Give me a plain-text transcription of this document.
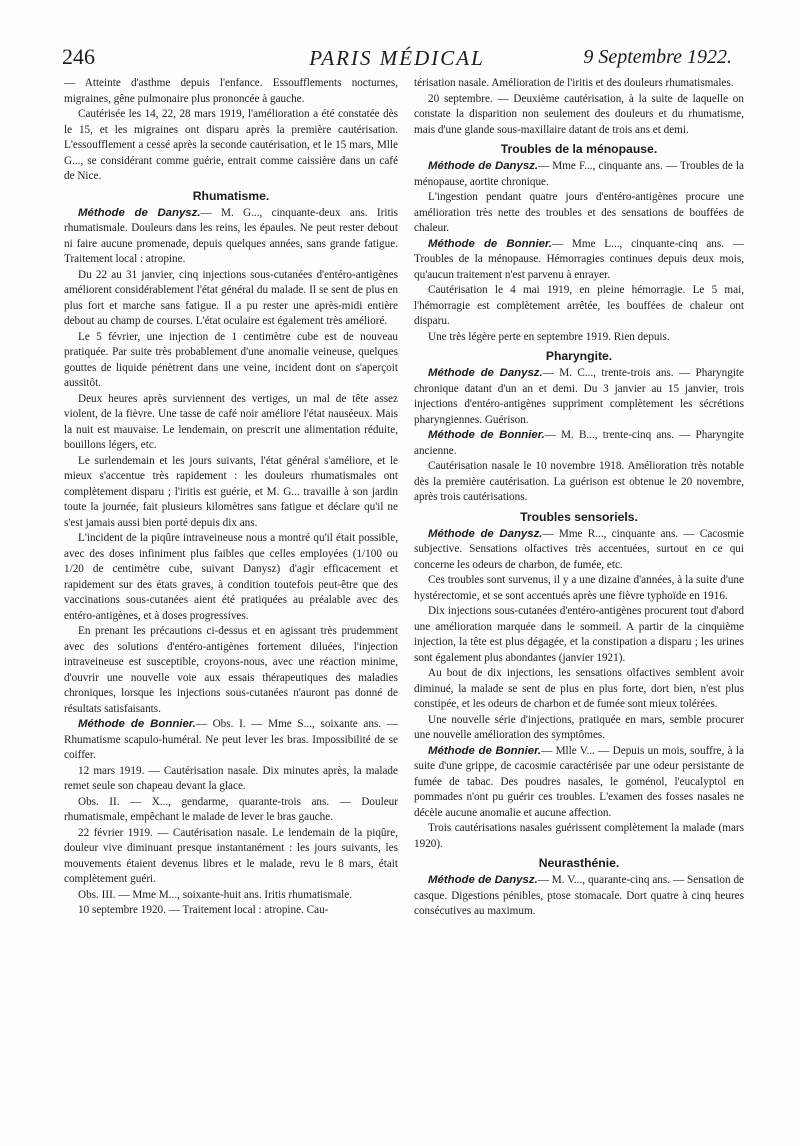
246	PARIS MÉDICAL	9 Septembre 1922.

— Atteinte d'asthme depuis l'enfance. Essoufflements nocturnes, migraines, gêne pulmonaire plus prononcée à gauche.

Cautérisée les 14, 22, 28 mars 1919, l'amélioration a été constatée dès le 15, et les migraines ont disparu après la première cautérisation. L'essoufflement a cessé après la seconde cautérisation, et le 15 mars, Mlle G..., se considérant comme guérie, entrait comme caissière dans un café de Nice.

Rhumatisme.

Méthode de Danysz.— M. G..., cinquante-deux ans. Iritis rhumatismale. Douleurs dans les reins, les épaules. Ne peut rester debout ni faire aucune promenade, depuis quelques années, sans grande fatigue. Traitement local : atropine.

Du 22 au 31 janvier, cinq injections sous-cutanées d'entéro-antigènes améliorent considérablement l'état général du malade. Il se sent de plus en plus fort et marche sans fatigue. Il a pu rester une après-midi entière debout au champ de courses. L'état oculaire est également très amélioré.

Le 5 février, une injection de 1 centimètre cube est de nouveau pratiquée. Par suite très probablement d'une anomalie veineuse, quelques gouttes de liquide pénètrent dans une veine, incident dont on s'aperçoit aussitôt.

Deux heures après surviennent des vertiges, un mal de tête assez violent, de la fièvre. Une tasse de café noir améliore l'état nauséeux. Mais la nuit est mauvaise. Le lendemain, on prescrit une alimentation réduite, bouillons légers, etc.

Le surlendemain et les jours suivants, l'état général s'améliore, et le mieux s'accentue très rapidement : les douleurs rhumatismales ont complètement disparu ; l'iritis est guérie, et M. G... travaille à son jardin toute la journée, fait plusieurs kilomètres sans fatigue et déclare qu'il ne s'est jamais aussi bien porté depuis dix ans.

L'incident de la piqûre intraveineuse nous a montré qu'il était possible, avec des doses infiniment plus faibles que celles employées (1/100 ou 1/20 de centimètre cube, suivant Danysz) d'agir efficacement et rapidement sur des états graves, à condition toutefois peut-être que des vaccinations sous-cutanées aient été pratiquées au préalable avec des entéro-antigènes, et à doses progressives.

En prenant les précautions ci-dessus et en agissant très prudemment avec des solutions d'entéro-antigènes fortement diluées, l'injection intraveineuse est susceptible, croyons-nous, avec une réaction minime, d'ouvrir une nouvelle voie aux essais thérapeutiques des maladies chroniques, lorsque les injections sous-cutanées n'auront pas donné de résultats satisfaisants.

Méthode de Bonnier.— Obs. I. — Mme S..., soixante ans. — Rhumatisme scapulo-huméral. Ne peut lever les bras. Impossibilité de se coiffer.

12 mars 1919. — Cautérisation nasale. Dix minutes après, la malade remet seule son chapeau devant la glace.

Obs. II. — X..., gendarme, quarante-trois ans. — Douleur rhumatismale, empêchant le malade de lever le bras gauche.

22 février 1919. — Cautérisation nasale. Le lendemain de la piqûre, douleur vive diminuant presque instantanément : les jours suivants, les mouvements étaient devenus libres et le malade, revu le 8 mars, était complètement guéri.

Obs. III. — Mme M..., soixante-huit ans. Iritis rhumatismale.

10 septembre 1920. — Traitement local : atropine. Cau-

térisation nasale. Amélioration de l'iritis et des douleurs rhumatismales.

20 septembre. — Deuxième cautérisation, à la suite de laquelle on constate la disparition non seulement des douleurs et du rhumatisme, mais d'une glande sous-maxillaire datant de trois ans et demi.

Troubles de la ménopause.

Méthode de Danysz.— Mme F..., cinquante ans. — Troubles de la ménopause, aortite chronique.

L'ingestion pendant quatre jours d'entéro-antigènes procure une amélioration très nette des troubles et des sensations de bouffées de chaleur.

Méthode de Bonnier.— Mme L..., cinquante-cinq ans. — Troubles de la ménopause. Hémorragies continues depuis deux mois, qu'aucun traitement n'est parvenu à enrayer.

Cautérisation le 4 mai 1919, en pleine hémorragie. Le 5 mai, l'hémorragie est complètement arrêtée, les bouffées de chaleur ont disparu.

Une très légère perte en septembre 1919. Rien depuis.

Pharyngite.

Méthode de Danysz.— M. C..., trente-trois ans. — Pharyngite chronique datant d'un an et demi. Du 3 janvier au 15 janvier, trois injections d'entéro-antigènes suppriment complètement les sécrétions pharyngiennes. Guérison.

Méthode de Bonnier.— M. B..., trente-cinq ans. — Pharyngite ancienne.

Cautérisation nasale le 10 novembre 1918. Amélioration très notable dès la première cautérisation. La guérison est obtenue le 20 novembre, après trois cautérisations.

Troubles sensoriels.

Méthode de Danysz.— Mme R..., cinquante ans. — Cacosmie subjective. Sensations olfactives très accentuées, surtout en ce qui concerne les odeurs de charbon, de fumée, etc.

Ces troubles sont survenus, il y a une dizaine d'années, à la suite d'une hystérectomie, et se sont accentués après une fièvre typhoïde en 1916.

Dix injections sous-cutanées d'entéro-antigènes procurent tout d'abord une amélioration marquée dans le sommeil. A partir de la cinquième injection, la tête est plus dégagée, et la constipation a disparu ; les urines sont également plus abondantes (janvier 1921).

Au bout de dix injections, les sensations olfactives semblent avoir diminué, la malade se sent de plus en plus forte, dort bien, n'est plus constipée, et les odeurs de charbon et de fumée sont mieux tolérées.

Une nouvelle série d'injections, pratiquée en mars, semble procurer une nouvelle amélioration des symptômes.

Méthode de Bonnier.— Mlle V... — Depuis un mois, souffre, à la suite d'une grippe, de cacosmie caractérisée par une odeur persistante de fumée de tabac. Des poudres nasales, le goménol, l'eucalyptol en pommades n'ont pu guérir ces troubles. L'examen des fosses nasales ne décèle aucune anomalie et aucune affection.

Trois cautérisations nasales guérissent complètement la malade (mars 1920).

Neurasthénie.

Méthode de Danysz.— M. V..., quarante-cinq ans. — Sensation de casque. Digestions pénibles, ptose stomacale. Dort quatre à cinq heures consécutives au maximum.
